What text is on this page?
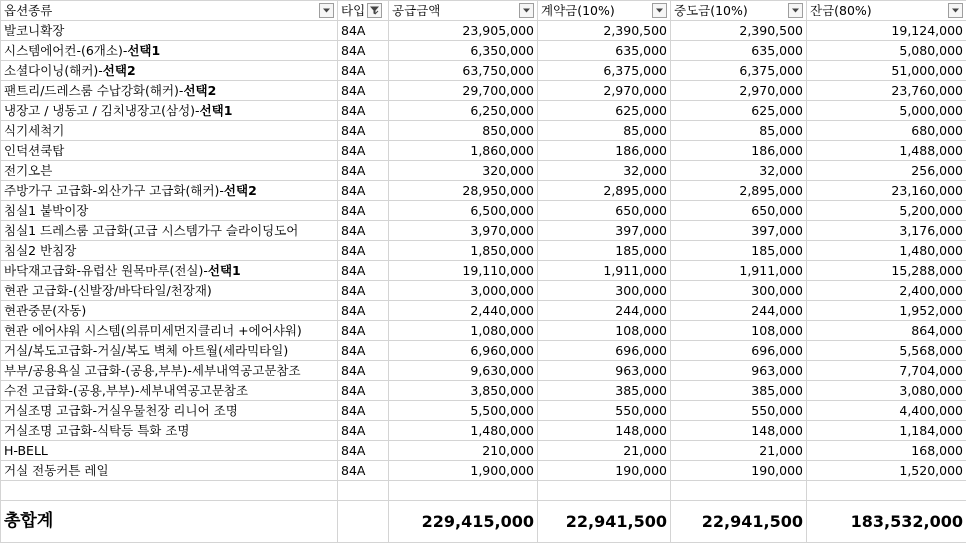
옵션종류	타입	공급금액	계약금(10%)	중도금(10%)	잔금(80%)

발코니확장	84A	23,905,000	2,390,500	2,390,500	19,124,000
시스템에어컨-(6개소)-선택1	84A	6,350,000	635,000	635,000	5,080,000
소셜다이닝(해커)-선택2	84A	63,750,000	6,375,000	6,375,000	51,000,000
팬트리/드레스룸 수납강화(해커)-선택2	84A	29,700,000	2,970,000	2,970,000	23,760,000
냉장고 / 냉동고 / 김치냉장고(삼성)-선택1	84A	6,250,000	625,000	625,000	5,000,000
식기세척기	84A	850,000	85,000	85,000	680,000
인덕션쿡탑	84A	1,860,000	186,000	186,000	1,488,000
전기오븐	84A	320,000	32,000	32,000	256,000
주방가구 고급화-외산가구 고급화(해커)-선택2	84A	28,950,000	2,895,000	2,895,000	23,160,000
침실1 붙박이장	84A	6,500,000	650,000	650,000	5,200,000
침실1 드레스룸 고급화(고급 시스템가구 슬라이딩도어	84A	3,970,000	397,000	397,000	3,176,000
침실2 반침장	84A	1,850,000	185,000	185,000	1,480,000
바닥재고급화-유럽산 원목마루(전실)-선택1	84A	19,110,000	1,911,000	1,911,000	15,288,000
현관 고급화-(신발장/바닥타일/천장재)	84A	3,000,000	300,000	300,000	2,400,000
현관중문(자동)	84A	2,440,000	244,000	244,000	1,952,000
현관 에어샤워 시스템(의류미세먼지클리너 +에어샤워)	84A	1,080,000	108,000	108,000	864,000
거실/복도고급화-거실/복도 벽체 아트월(세라믹타일)	84A	6,960,000	696,000	696,000	5,568,000
부부/공용욕실 고급화-(공용,부부)-세부내역공고문참조	84A	9,630,000	963,000	963,000	7,704,000
수전 고급화-(공용,부부)-세부내역공고문참조	84A	3,850,000	385,000	385,000	3,080,000
거실조명 고급화-거실우물천장 리니어 조명	84A	5,500,000	550,000	550,000	4,400,000
거실조명 고급화-식탁등 특화 조명	84A	1,480,000	148,000	148,000	1,184,000
H-BELL	84A	210,000	21,000	21,000	168,000
거실 전동커튼 레일	84A	1,900,000	190,000	190,000	1,520,000

총합계		229,415,000	22,941,500	22,941,500	183,532,000
